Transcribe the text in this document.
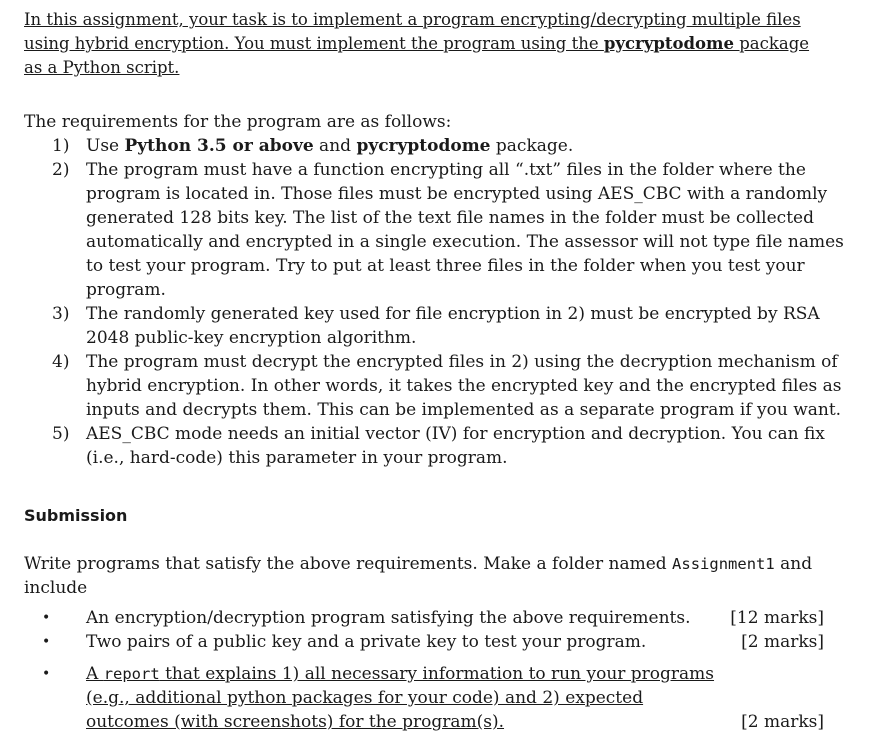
In this assignment, your task is to implement a program encrypting/decrypting multiple files using hybrid encryption. You must implement the program using the pycryptodome package as a Python script.

The requirements for the program are as follows:
1) Use Python 3.5 or above and pycryptodome package.
2) The program must have a function encrypting all “.txt” files in the folder where the program is located in. Those files must be encrypted using AES_CBC with a randomly generated 128 bits key. The list of the text file names in the folder must be collected automatically and encrypted in a single execution. The assessor will not type file names to test your program. Try to put at least three files in the folder when you test your program.
3) The randomly generated key used for file encryption in 2) must be encrypted by RSA 2048 public-key encryption algorithm.
4) The program must decrypt the encrypted files in 2) using the decryption mechanism of hybrid encryption. In other words, it takes the encrypted key and the encrypted files as inputs and decrypts them. This can be implemented as a separate program if you want.
5) AES_CBC mode needs an initial vector (IV) for encryption and decryption. You can fix (i.e., hard-code) this parameter in your program.
Submission
Write programs that satisfy the above requirements. Make a folder named Assignment1 and include
• An encryption/decryption program satisfying the above requirements. [12 marks]
• Two pairs of a public key and a private key to test your program.	[2 marks]
• A report that explains 1) all necessary information to run your programs (e.g., additional python packages for your code) and 2) expected outcomes (with screenshots) for the program(s).	[2 marks]
